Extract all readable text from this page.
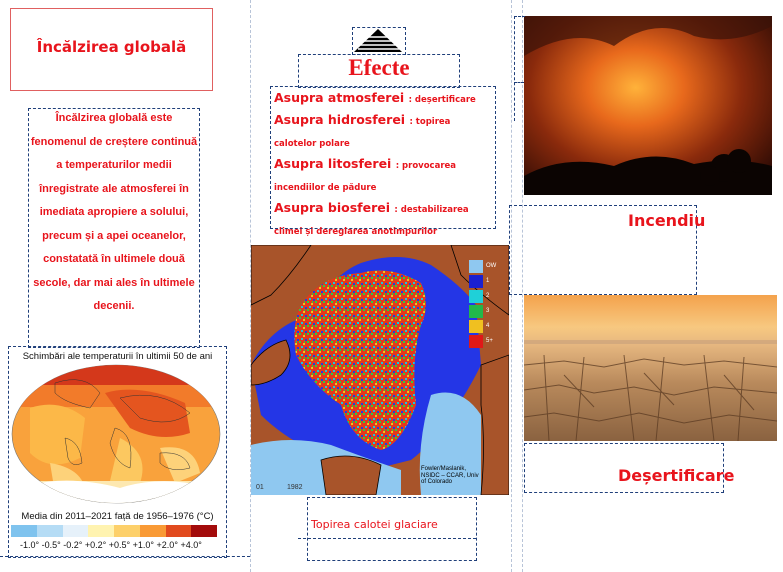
Încălzirea globală
Încălzirea globală este fenomenul de creștere continuă a temperaturilor medii înregistrate ale atmosferei în imediata apropiere a solului, precum și a apei oceanelor, constatată în ultimele două secole, dar mai ales în ultimele decenii.
Schimbări ale temperaturii în ultimii 50 de ani
Media din 2011–2021 față de 1956–1976 (°C)
-1.0° -0.5° -0.2° +0.2° +0.5° +1.0° +2.0° +4.0°
Efecte
Asupra atmosferei : deșertificare
Asupra hidrosferei : topirea calotelor polare
Asupra litosferei : provocarea incendiilor de pădure
Asupra biosferei : destabilizarea climei și dereglarea anotimpurilor
OW
1
2
3
4
5+
Fowler/Maslanik, NSIDC – CCAR, Univ of Colorado
01	1982
Topirea calotei glaciare
Incendiu
Deșertificare
